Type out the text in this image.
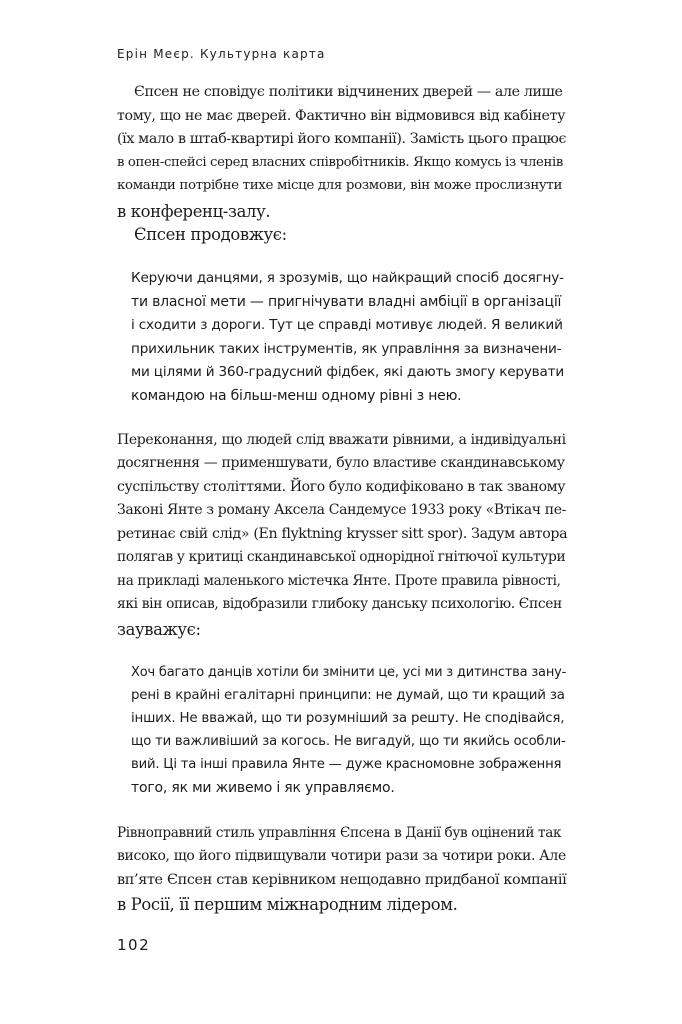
Ерін Меєр. Культурна карта
Єпсен не сповідує політики відчинених дверей — але лише
тому, що не має дверей. Фактично він відмовився від кабінету
(їх мало в штаб-квартирі його компанії). Замість цього працює
в опен-спейсі серед власних співробітників. Якщо комусь із членів
команди потрібне тихе місце для розмови, він може прослизнути
в конференц-залу.
Єпсен продовжує:
Керуючи данцями, я зрозумів, що найкращий спосіб досягну-
ти власної мети — пригнічувати владні амбіції в організації
і сходити з дороги. Тут це справді мотивує людей. Я великий
прихильник таких інструментів, як управління за визначени-
ми цілями й 360-градусний фідбек, які дають змогу керувати
командою на більш-менш одному рівні з нею.
Переконання, що людей слід вважати рівними, а індивідуальні
досягнення — применшувати, було властиве скандинавському
суспільству століттями. Його було кодифіковано в так званому
Законі Янте з роману Аксела Сандемусе 1933 року «Втікач пе-
ретинає свій слід» (En flyktning krysser sitt spor). Задум автора
полягав у критиці скандинавської однорідної гнітючої культури
на прикладі маленького містечка Янте. Проте правила рівності,
які він описав, відобразили глибоку данську психологію. Єпсен
зауважує:
Хоч багато данців хотіли би змінити це, усі ми з дитинства зану-
рені в крайні егалітарні принципи: не думай, що ти кращий за
інших. Не вважай, що ти розумніший за решту. Не сподівайся,
що ти важливіший за когось. Не вигадуй, що ти якийсь особли-
вий. Ці та інші правила Янте — дуже красномовне зображення
того, як ми живемо і як управляємо.
Рівноправний стиль управління Єпсена в Данії був оцінений так
високо, що його підвищували чотири рази за чотири роки. Але
вп’яте Єпсен став керівником нещодавно придбаної компанії
в Росії, її першим міжнародним лідером.
102
